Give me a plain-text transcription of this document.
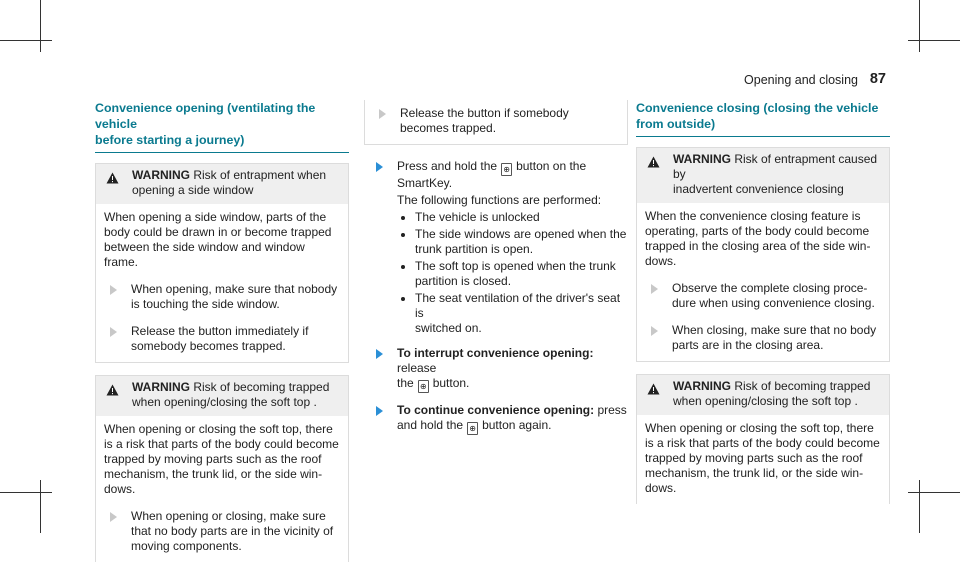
Opening and closing 87
Convenience opening (ventilating the vehicle
before starting a journey)
WARNING Risk of entrapment when
opening a side window
When opening a side window, parts of the
body could be drawn in or become trapped
between the side window and window frame.
When opening, make sure that nobody
is touching the side window.
Release the button immediately if
somebody becomes trapped.
WARNING Risk of becoming trapped
when opening/closing the soft top .
When opening or closing the soft top, there
is a risk that parts of the body could become
trapped by moving parts such as the roof
mechanism, the trunk lid, or the side win-
dows.
When opening or closing, make sure
that no body parts are in the vicinity of
moving components.
Release the button if somebody
becomes trapped.
Press and hold the ⊕ button on the
SmartKey.
The following functions are performed:
The vehicle is unlocked
The side windows are opened when the
trunk partition is open.
The soft top is opened when the trunk
partition is closed.
The seat ventilation of the driver's seat is
switched on.
To interrupt convenience opening: release
the ⊕ button.
To continue convenience opening: press
and hold the ⊕ button again.
Convenience closing (closing the vehicle
from outside)
WARNING Risk of entrapment caused by
inadvertent convenience closing
When the convenience closing feature is
operating, parts of the body could become
trapped in the closing area of the side win-
dows.
Observe the complete closing proce-
dure when using convenience closing.
When closing, make sure that no body
parts are in the closing area.
WARNING Risk of becoming trapped
when opening/closing the soft top .
When opening or closing the soft top, there
is a risk that parts of the body could become
trapped by moving parts such as the roof
mechanism, the trunk lid, or the side win-
dows.
